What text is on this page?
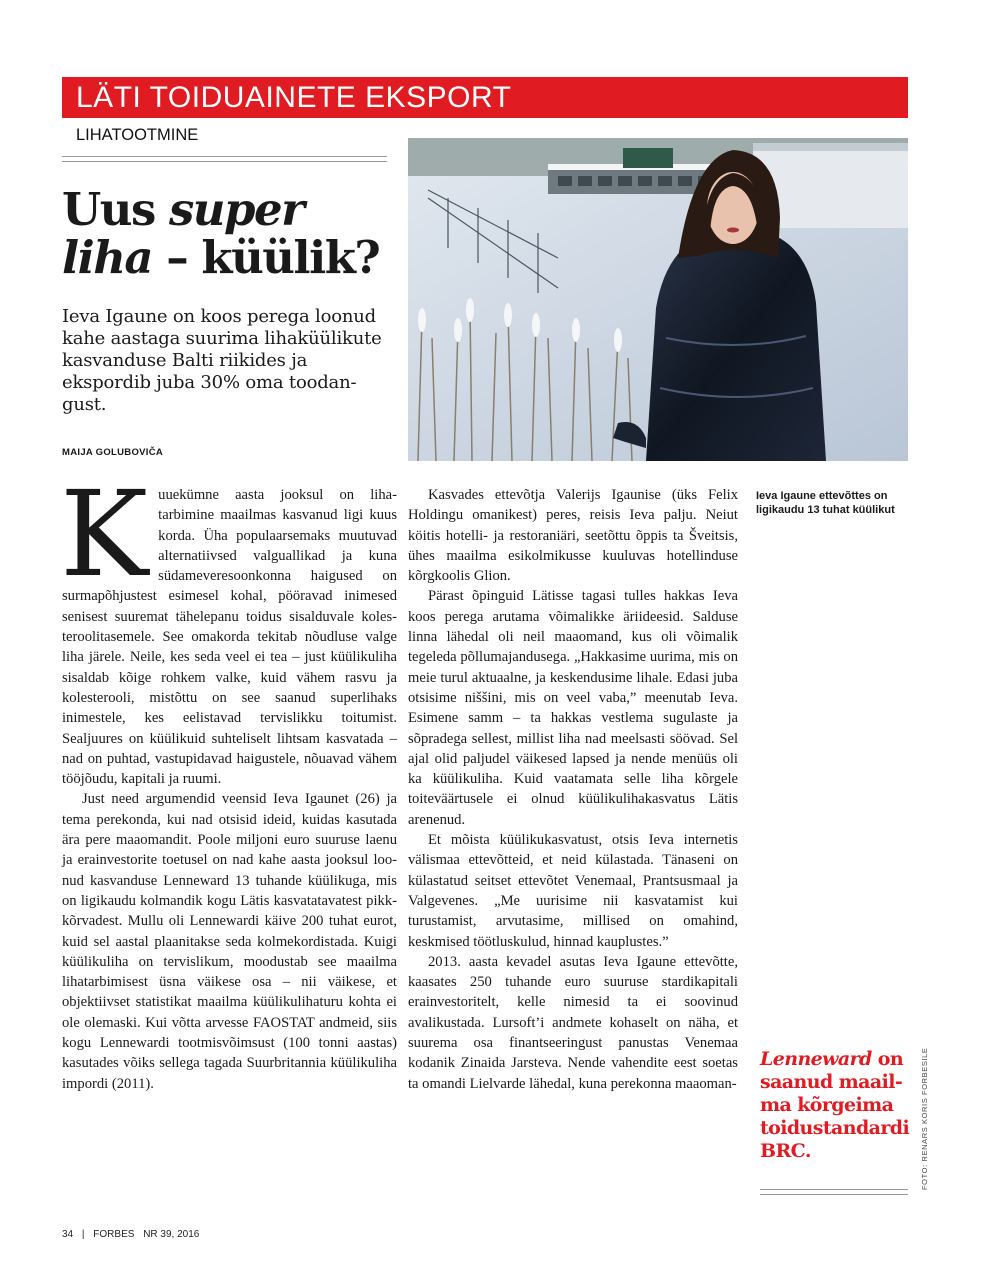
LÄTI TOIDUAINETE EKSPORT
LIHATOOTMINE
Uus super liha – küülik?
Ieva Igaune on koos perega loonud kahe aastaga suurima lihaküülikute kasvanduse Balti riikides ja ekspordib juba 30% oma toodangust.
MAIJA GOLUBOVIČA

Kuuekümne aasta jooksul on lihatarbimine maailmas kasvanud ligi kuus korda. Üha populaarsemaks muutuvad alternatiivsed valguallikad ja kuna südameveresoonkonna haigused on surmapõhjustest esimesel kohal, pööravad inimesed senisest suuremat tähelepanu toidus sisalduvale kolesteroolitasemele. See omakorda tekitab nõudluse valge liha järele. Neile, kes seda veel ei tea – just küülikuliha sisaldab kõige rohkem valke, kuid vähem rasvu ja kolesterooli, mistõttu on see saanud superlihaks inimestele, kes eelistavad tervislikku toitumist. Sealjuures on küülikuid suhteliselt lihtsam kasvatada – nad on puhtad, vastupidavad haigustele, nõuavad vähem tööjõudu, kapitali ja ruumi.

Just need argumendid veensid Ieva Igaunet (26) ja tema perekonda, kui nad otsisid ideid, kuidas kasutada ära pere maaomandit. Poole miljoni euro suuruse laenu ja erainvestorite toetusel on nad kahe aasta jooksul loonud kasvanduse Lenneward 13 tuhande küülikuga, mis on ligikaudu kolmandik kogu Lätis kasvatatavatest pikk-kõrvadest. Mullu oli Lennewardi käive 200 tuhat eurot, kuid sel aastal plaanitakse seda kolmekordistada. Kuigi küülikuliha on tervislikum, moodustab see maailma lihatarbimisest üsna väikese osa – nii väikese, et objektiivset statistikat maailma küülikulihaturu kohta ei ole olemaski. Kui võtta arvesse FAOSTAT andmeid, siis kogu Lennewardi tootmisvõimsust (100 tonni aastas) kasutades võiks sellega tagada Suurbritannia küülikuliha impordi (2011).

Kasvades ettevõtja Valerijs Igaunise (üks Felix Holdingu omanikest) peres, reisis Ieva palju. Neiut köitis hotelli- ja restoraniäri, seetõttu õppis ta Šveitsis, ühes maailma esikolmikusse kuuluvas hotellinduse kõrgkoolis Glion.

Pärast õpinguid Lätisse tagasi tulles hakkas Ieva koos perega arutama võimalikke äriideesid. Salduse linna lähedal oli neil maaomand, kus oli võimalik tegeleda põllumajandusega. „Hakkasime uurima, mis on meie turul aktuaalne, ja keskendusime lihale. Edasi juba otsisime niššini, mis on veel vaba,” meenutab Ieva. Esimene samm – ta hakkas vestlema sugulaste ja sõpradega sellest, millist liha nad meelsasti söövad. Sel ajal olid paljudel väikesed lapsed ja nende menüüs oli ka küülikuliha. Kuid vaatamata selle liha kõrgele toiteväärtusele ei olnud küülikulihakasvatus Lätis arenenud.

Et mõista küülikukasvatust, otsis Ieva internetis välismaa ettevõtteid, et neid külastada. Tänaseni on külastatud seitset ettevõtet Venemaal, Prantsusmaal ja Valgevenes. „Me uurisime nii kasvatamist kui turustamist, arvutasime, millised on omahind, keskmised töötluskulud, hinnad kauplustes.”

2013. aasta kevadel asutas Ieva Igaune ettevõtte, kaasates 250 tuhande euro suuruse stardikapitali erainvestoritelt, kelle nimesid ta ei soovinud avalikustada. Lursoft’i andmete kohaselt on näha, et suurema osa finantseeringust panustas Venemaa kodanik Zinaida Jarsteva. Nende vahendite eest soetas ta omandi Lielvarde lähedal, kuna perekonna maaoman-

Ieva Igaune ettevõttes on ligikaudu 13 tuhat küülikut
Lenneward on saanud maailma kõrgeima toidustandardi BRC.	FOTO: RENARS KORIS FORBESILE
34 | FORBES NR 39, 2016
